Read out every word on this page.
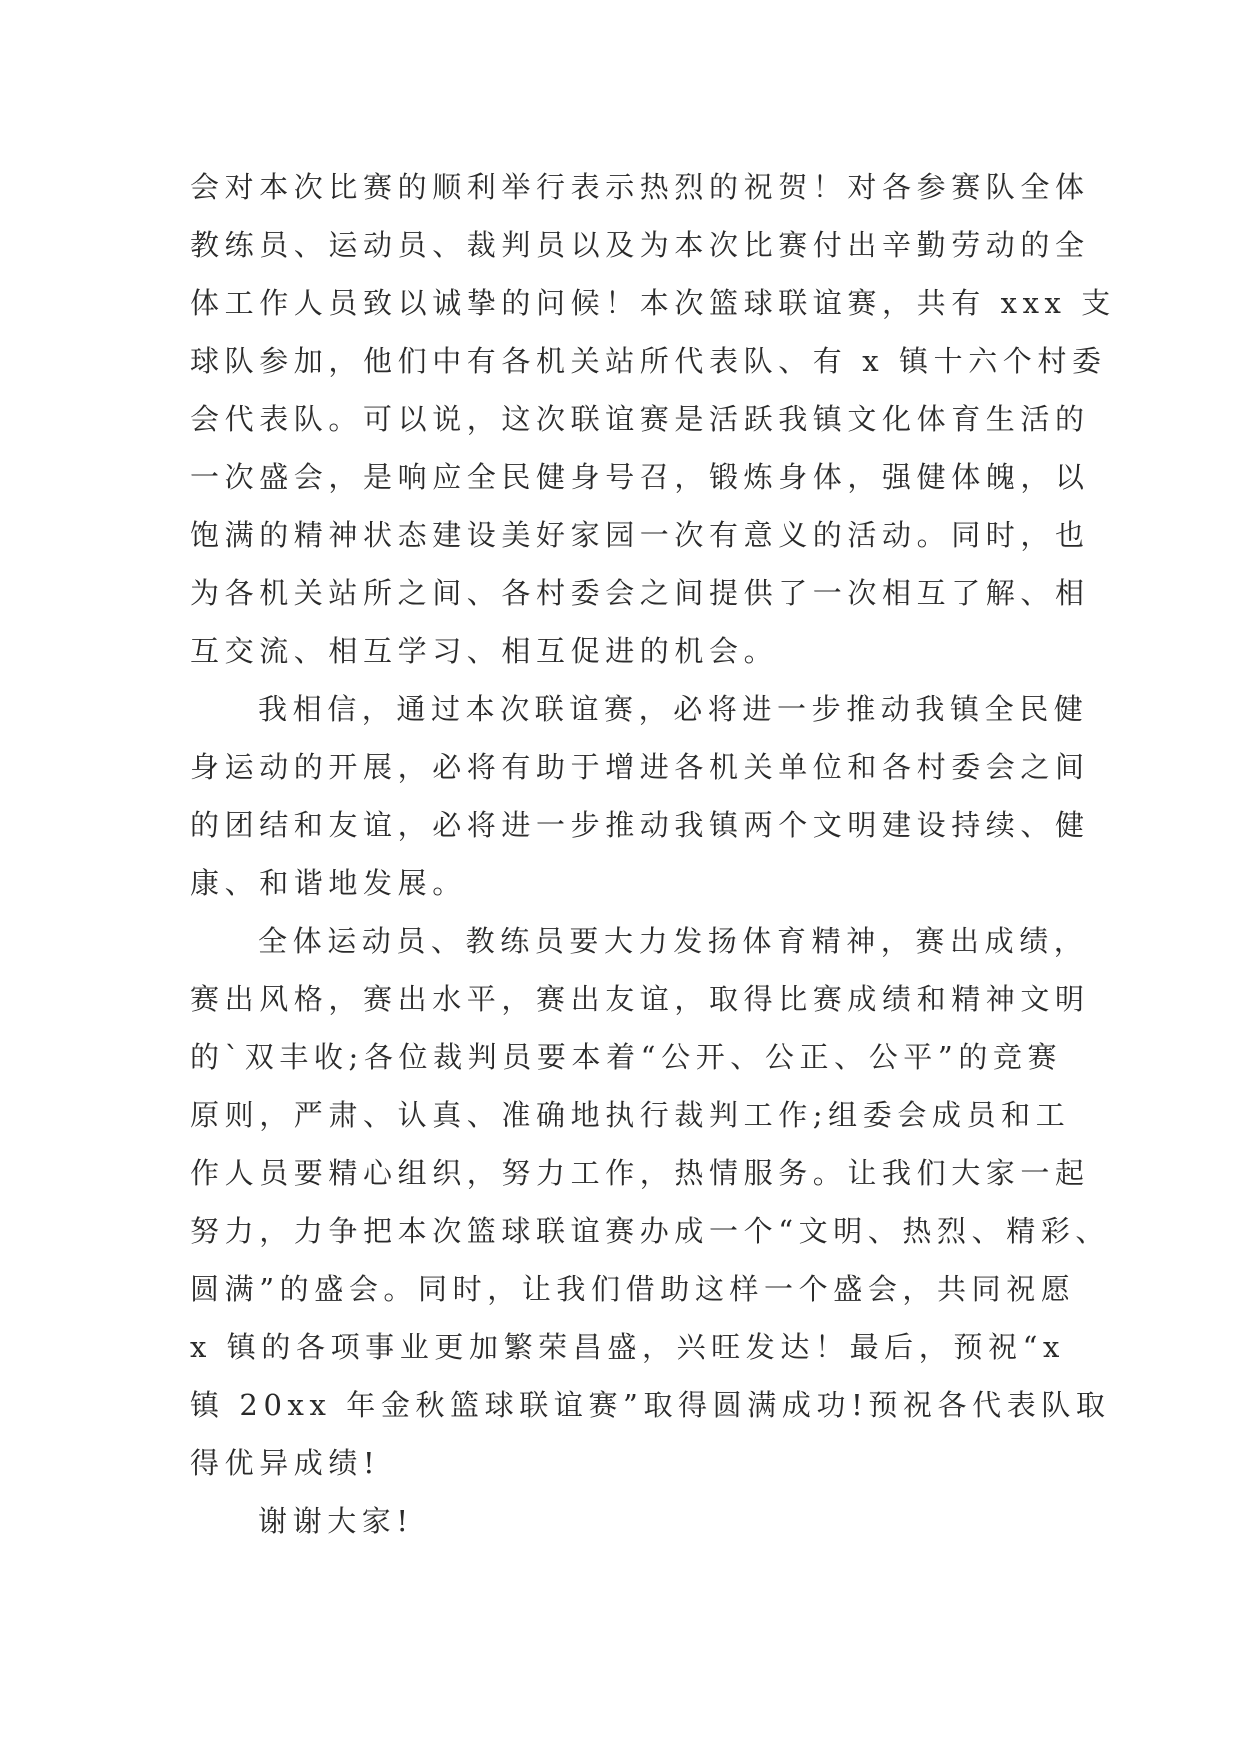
会对本次比赛的顺利举行表示热烈的祝贺！对各参赛队全体
教练员、运动员、裁判员以及为本次比赛付出辛勤劳动的全
体工作人员致以诚挚的问候！本次篮球联谊赛，共有 xxx 支
球队参加，他们中有各机关站所代表队、有 x 镇十六个村委
会代表队。可以说，这次联谊赛是活跃我镇文化体育生活的
一次盛会，是响应全民健身号召，锻炼身体，强健体魄，以
饱满的精神状态建设美好家园一次有意义的活动。同时，也
为各机关站所之间、各村委会之间提供了一次相互了解、相
互交流、相互学习、相互促进的机会。
我相信，通过本次联谊赛，必将进一步推动我镇全民健
身运动的开展，必将有助于增进各机关单位和各村委会之间
的团结和友谊，必将进一步推动我镇两个文明建设持续、健
康、和谐地发展。
全体运动员、教练员要大力发扬体育精神，赛出成绩，
赛出风格，赛出水平，赛出友谊，取得比赛成绩和精神文明
的`双丰收;各位裁判员要本着“公开、公正、公平”的竞赛
原则，严肃、认真、准确地执行裁判工作;组委会成员和工
作人员要精心组织，努力工作，热情服务。让我们大家一起
努力，力争把本次篮球联谊赛办成一个“文明、热烈、精彩、
圆满”的盛会。同时，让我们借助这样一个盛会，共同祝愿
x 镇的各项事业更加繁荣昌盛，兴旺发达！最后，预祝“x
镇 20xx 年金秋篮球联谊赛”取得圆满成功!预祝各代表队取
得优异成绩!
谢谢大家!
